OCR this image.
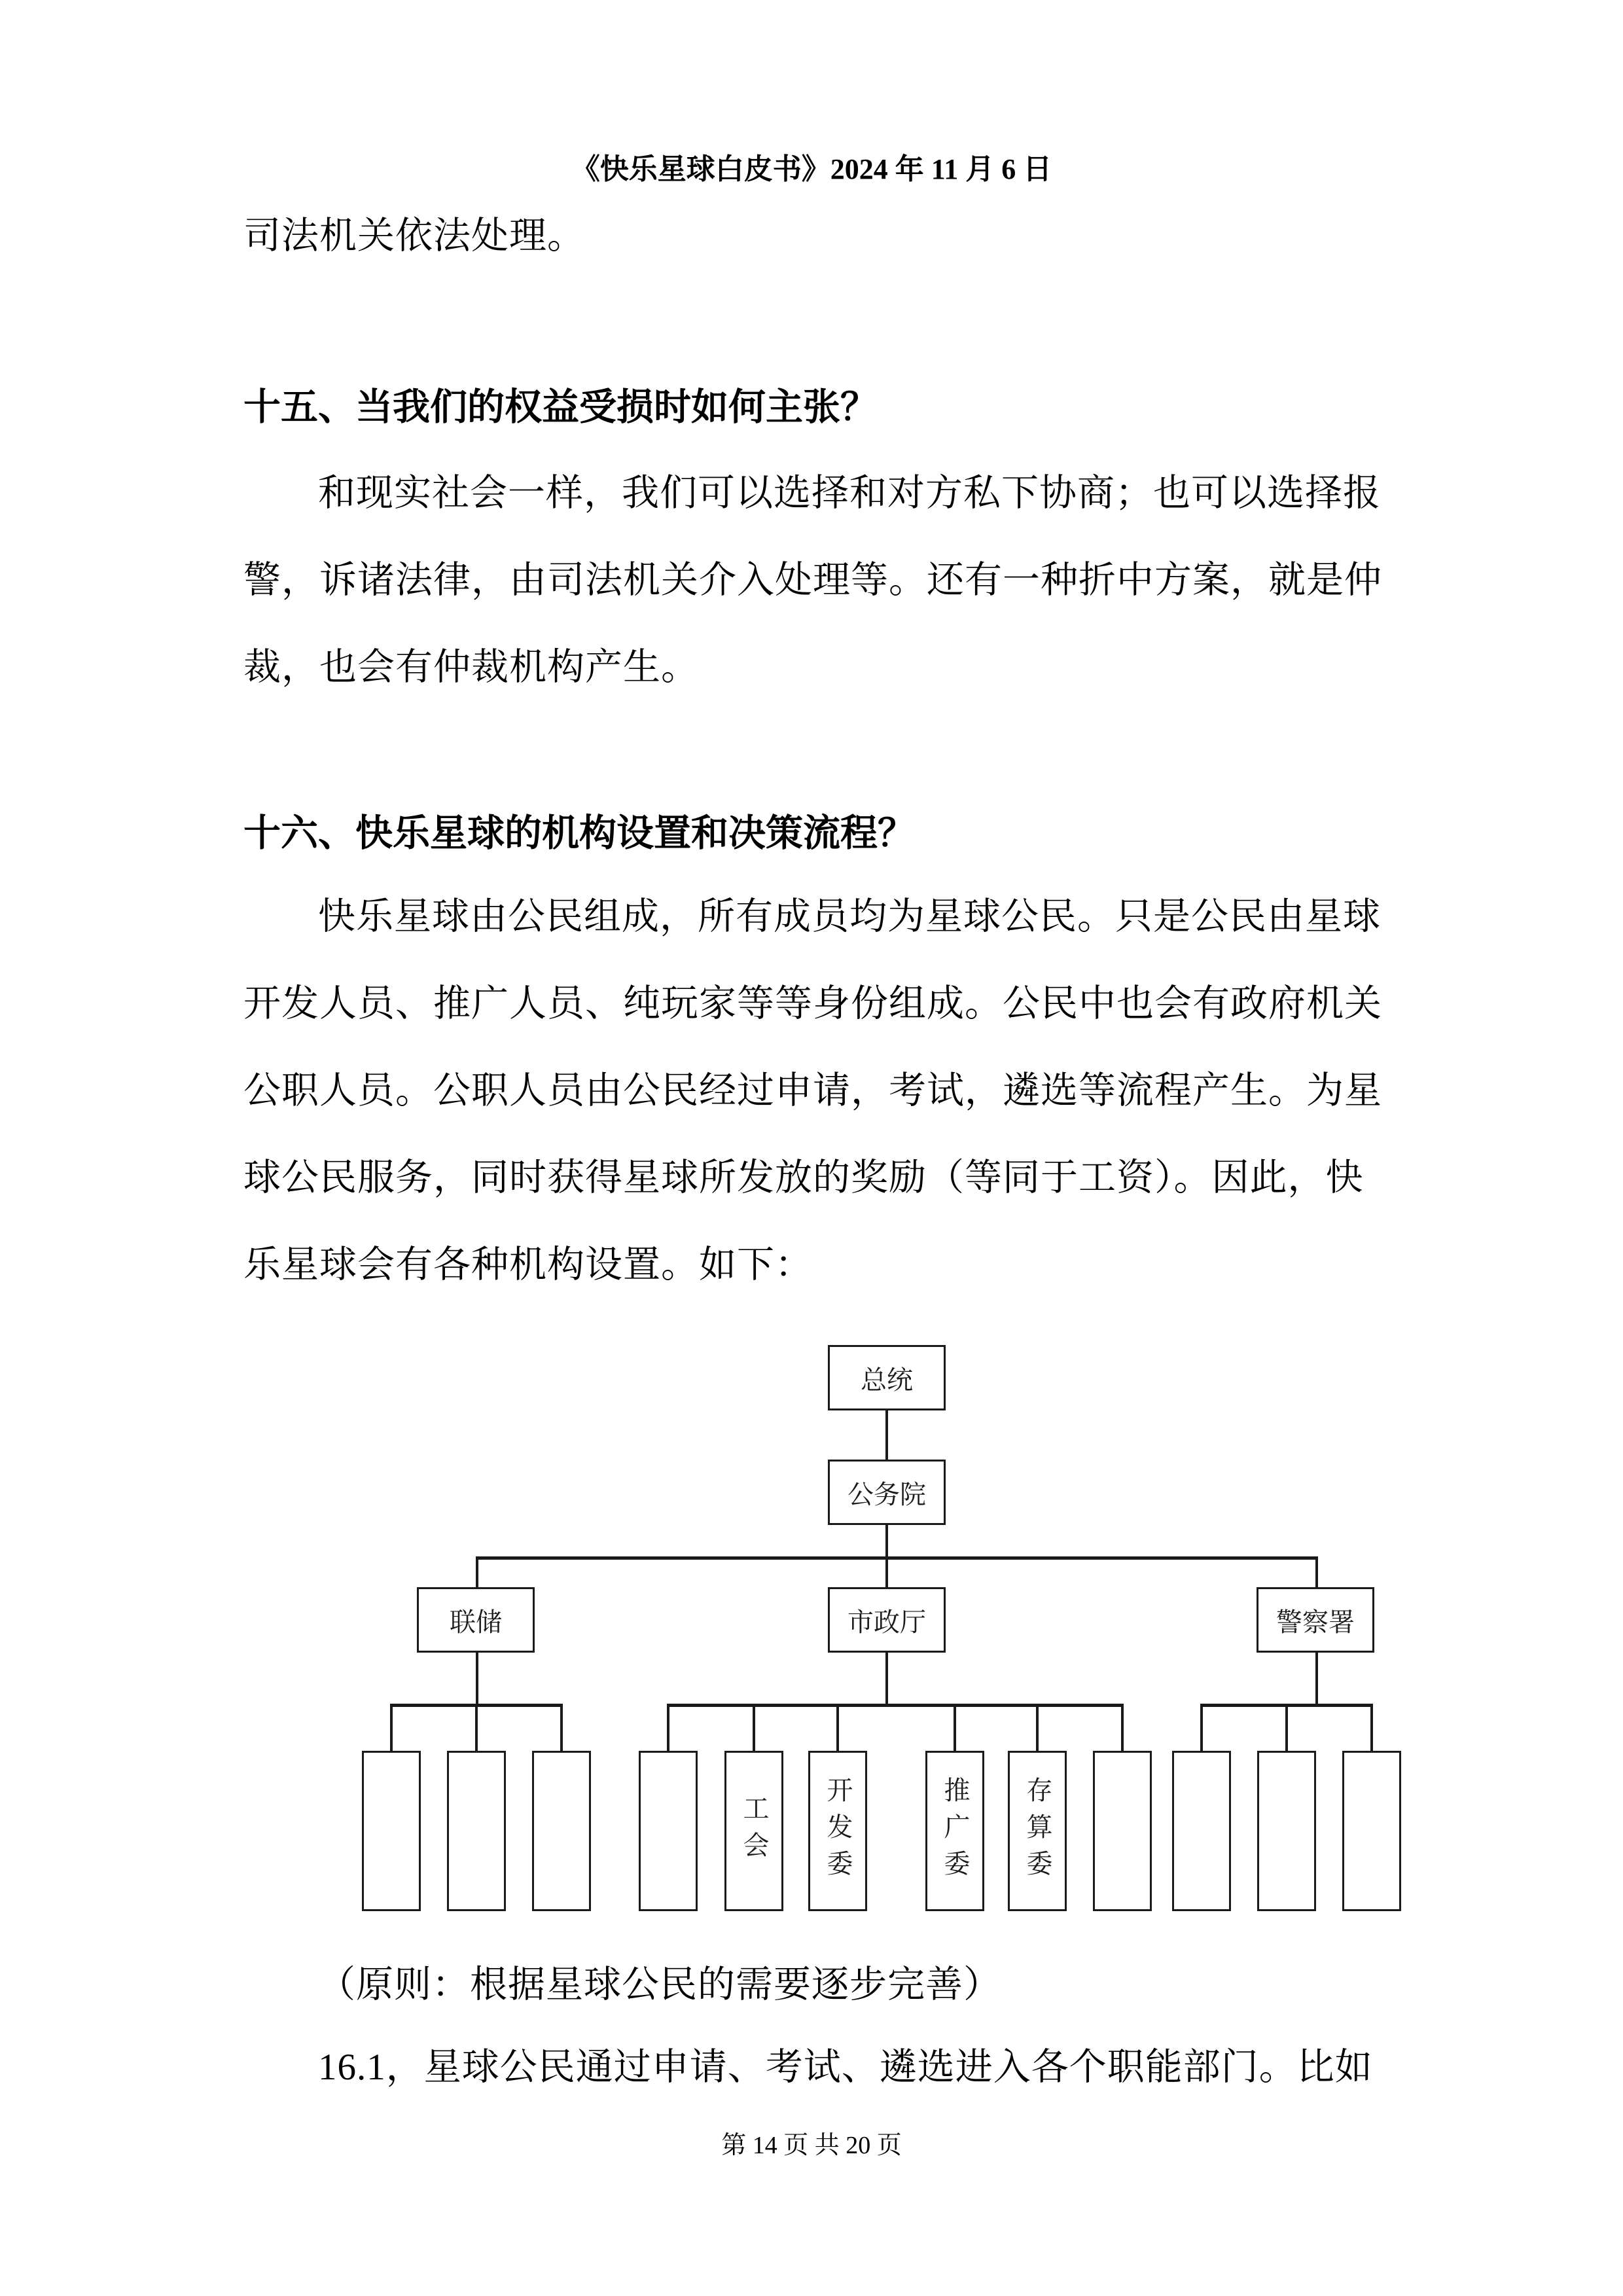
《快乐星球白皮书》2024 年 11 月 6 日
司法机关依法处理。
十五、当我们的权益受损时如何主张？
和现实社会一样，我们可以选择和对方私下协商；也可以选择报
警，诉诸法律，由司法机关介入处理等。还有一种折中方案，就是仲
裁，也会有仲裁机构产生。
十六、快乐星球的机构设置和决策流程？
快乐星球由公民组成，所有成员均为星球公民。只是公民由星球
开发人员、推广人员、纯玩家等等身份组成。公民中也会有政府机关
公职人员。公职人员由公民经过申请，考试，遴选等流程产生。为星
球公民服务，同时获得星球所发放的奖励（等同于工资）。因此，快
乐星球会有各种机构设置。如下：
总统
公务院
联储	市政厅	警察署
工会	开发委	推广委	存算委
（原则：根据星球公民的需要逐步完善）
16.1，星球公民通过申请、考试、遴选进入各个职能部门。比如
第 14 页 共 20 页
